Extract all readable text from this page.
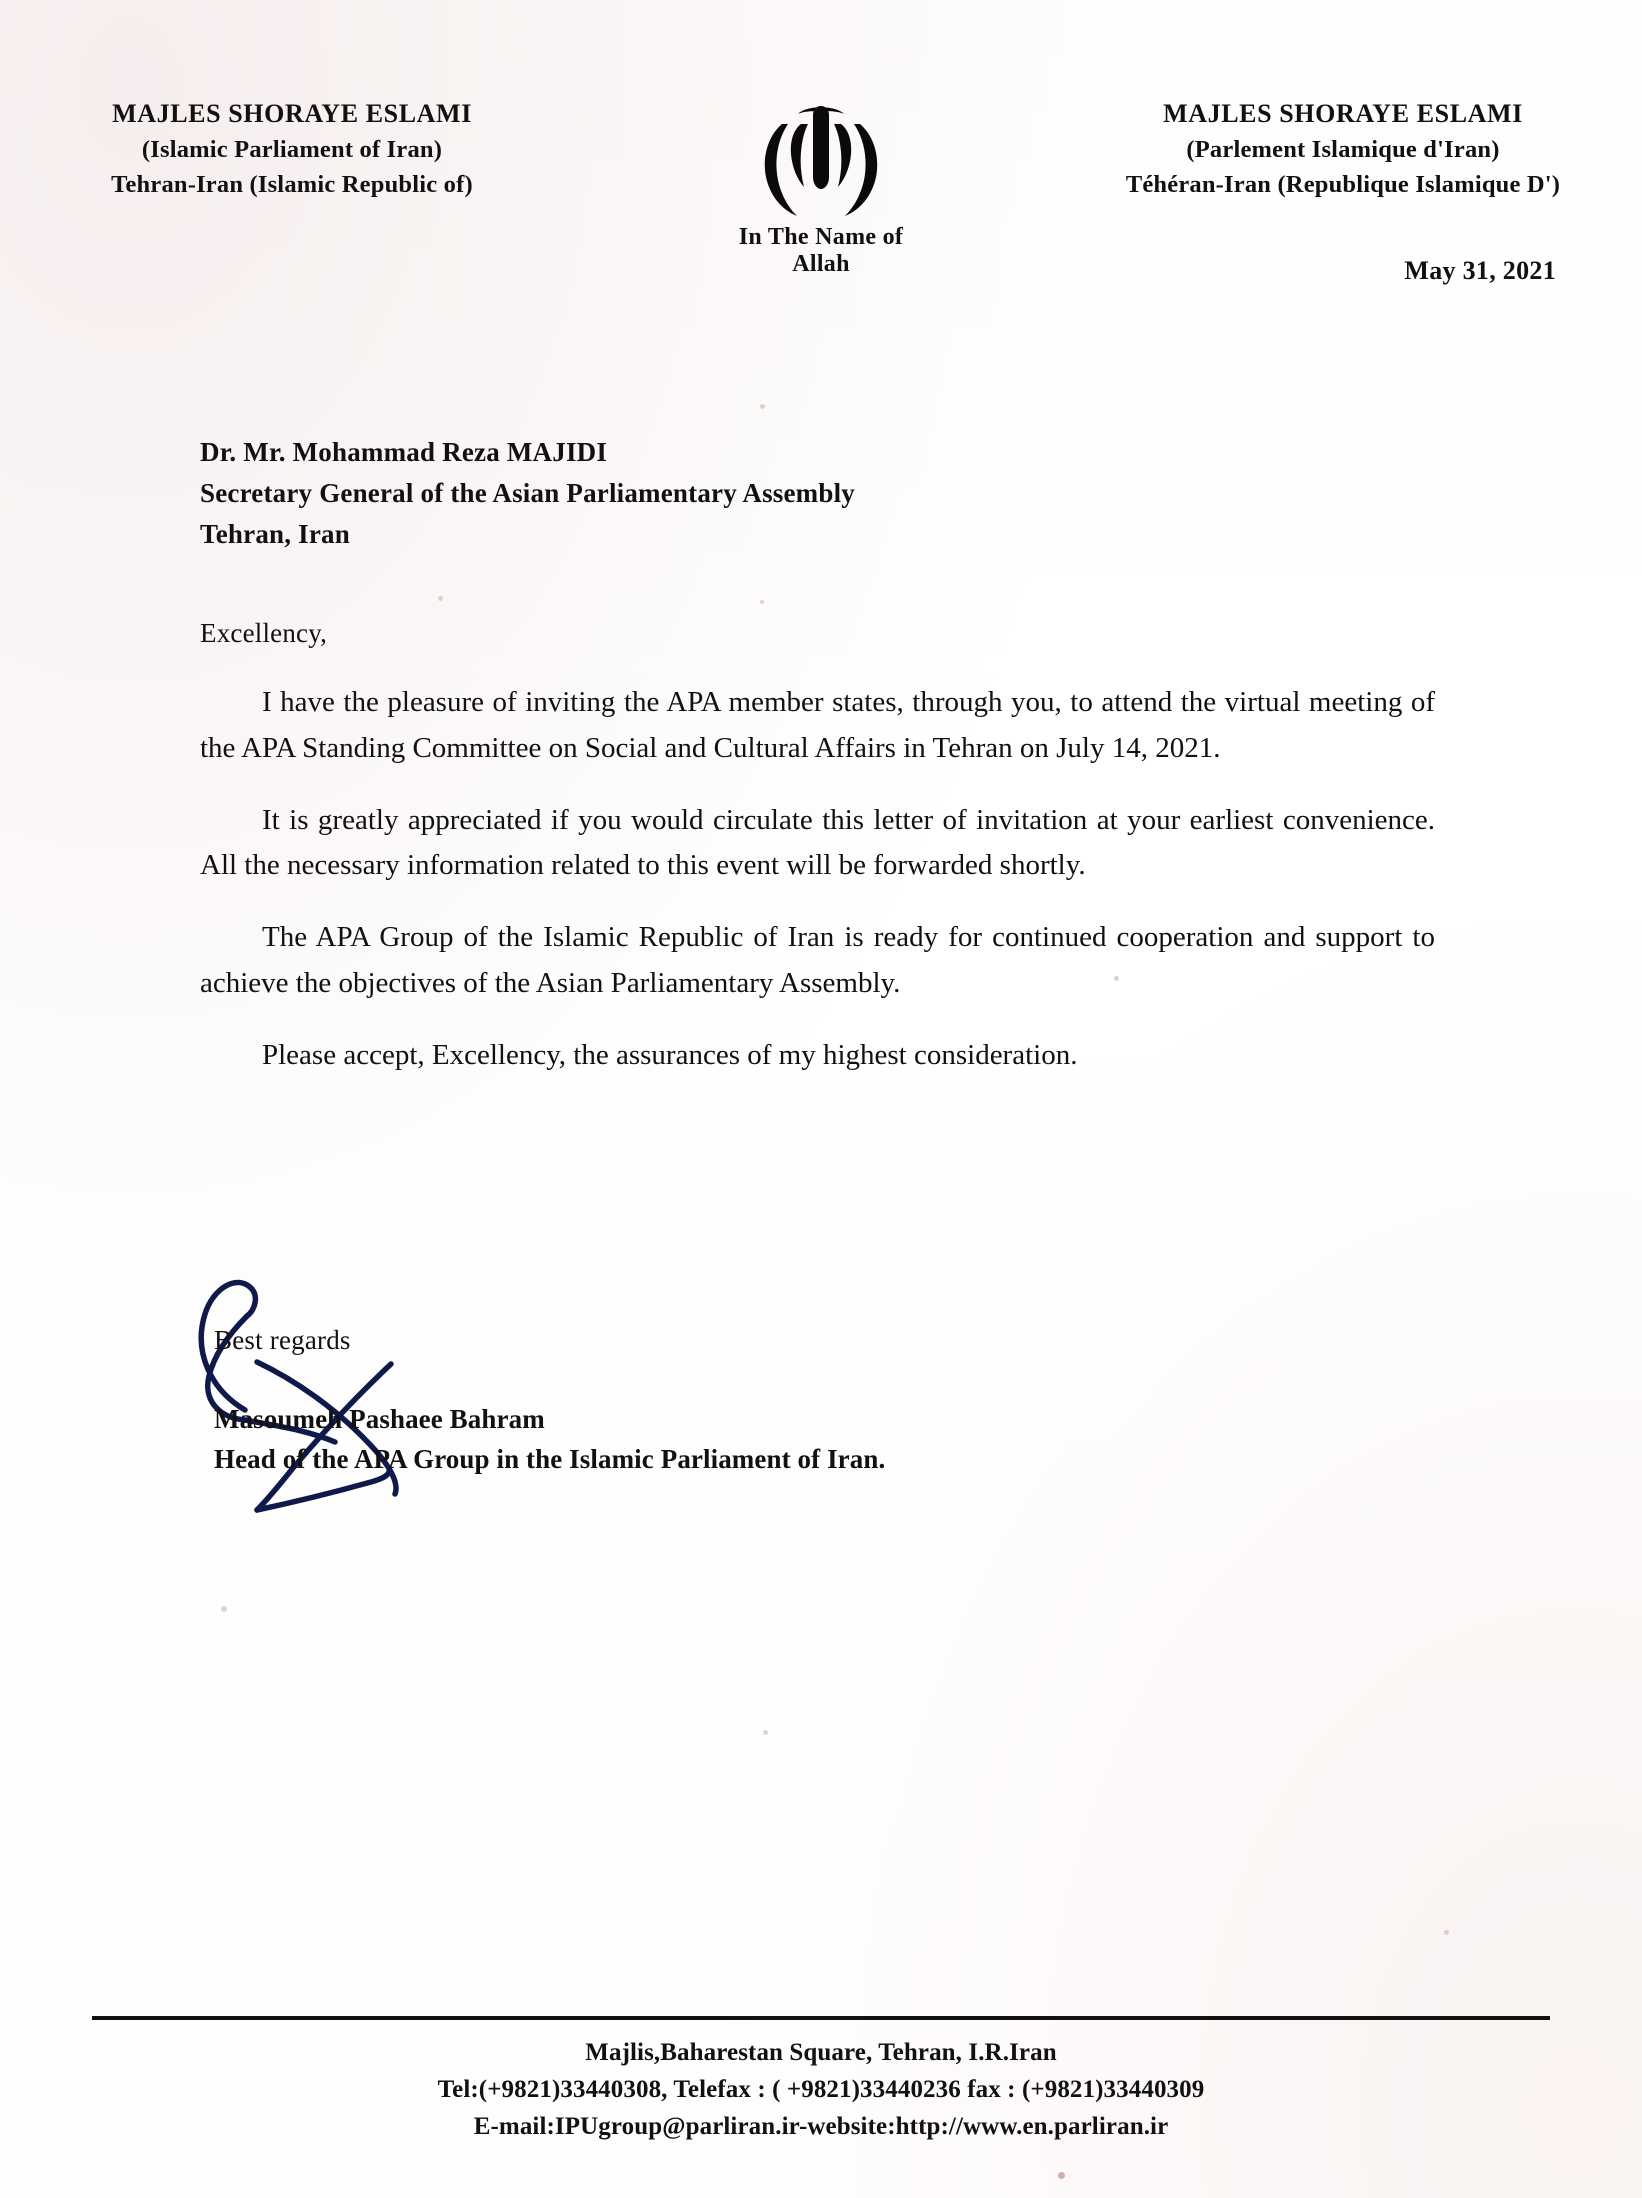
MAJLES SHORAYE ESLAMI
(Islamic Parliament of Iran)
Tehran-Iran (Islamic Republic of)
In The Name of Allah
MAJLES SHORAYE ESLAMI
(Parlement Islamique d'Iran)
Téhéran-Iran (Republique Islamique D')
May 31, 2021
Dr. Mr. Mohammad Reza MAJIDI
Secretary General of the Asian Parliamentary Assembly
Tehran, Iran
Excellency,

I have the pleasure of inviting the APA member states, through you, to attend the virtual meeting of the APA Standing Committee on Social and Cultural Affairs in Tehran on July 14, 2021.

It is greatly appreciated if you would circulate this letter of invitation at your earliest convenience. All the necessary information related to this event will be forwarded shortly.

The APA Group of the Islamic Republic of Iran is ready for continued cooperation and support to achieve the objectives of the Asian Parliamentary Assembly.

Please accept, Excellency, the assurances of my highest consideration.

Best regards
Masoumeh Pashaee Bahram
Head of the APA Group in the Islamic Parliament of Iran.
Majlis,Baharestan Square, Tehran, I.R.Iran
Tel:(+9821)33440308, Telefax : ( +9821)33440236 fax : (+9821)33440309
E-mail:IPUgroup@parliran.ir-website:http://www.en.parliran.ir
